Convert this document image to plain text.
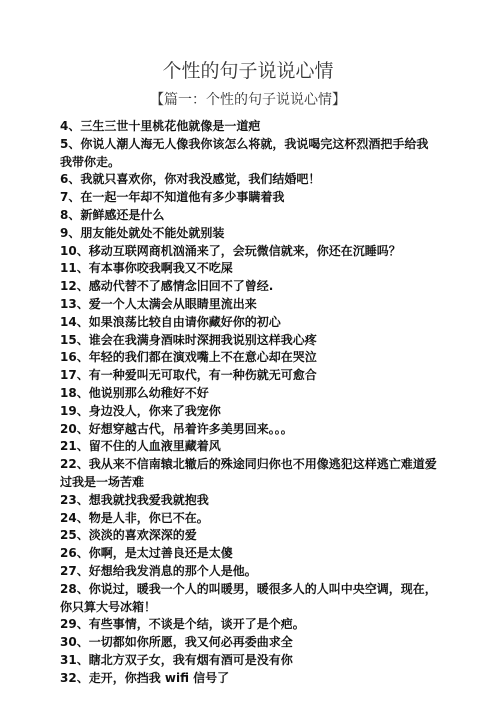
个性的句子说说心情
【篇一：个性的句子说说心情】

4、三生三世十里桃花他就像是一道疤

5、你说人潮人海无人像我你该怎么将就，我说喝完这杯烈酒把手给我我带你走。

6、我就只喜欢你，你对我没感觉，我们结婚吧！

7、在一起一年却不知道他有多少事瞒着我

8、新鲜感还是什么

9、朋友能处就处不能处就别装

10、移动互联网商机汹涌来了，会玩微信就来，你还在沉睡吗？

11、有本事你咬我啊我又不吃屎

12、感动代替不了感情念旧回不了曾经.

13、爱一个人太满会从眼睛里流出来

14、如果浪荡比较自由请你藏好你的初心

15、谁会在我满身酒味时深拥我说别这样我心疼

16、年轻的我们都在演戏嘴上不在意心却在哭泣

17、有一种爱叫无可取代，有一种伤就无可愈合

18、他说别那么幼稚好不好

19、身边没人，你来了我宠你

20、好想穿越古代，吊着许多美男回来。。。

21、留不住的人血液里藏着风

22、我从来不信南辕北辙后的殊途同归你也不用像逃犯这样逃亡难道爱过我是一场苦难

23、想我就找我爱我就抱我

24、物是人非，你已不在。

25、淡淡的喜欢深深的爱

26、你啊，是太过善良还是太傻

27、好想给我发消息的那个人是他。

28、你说过，暖我一个人的叫暖男，暖很多人的人叫中央空调，现在，你只算大号冰箱！

29、有些事情，不谈是个结，谈开了是个疤。

30、一切都如你所愿，我又何必再委曲求全

31、瞎北方双子女，我有烟有酒可是没有你

32、走开，你挡我 wifi 信号了
